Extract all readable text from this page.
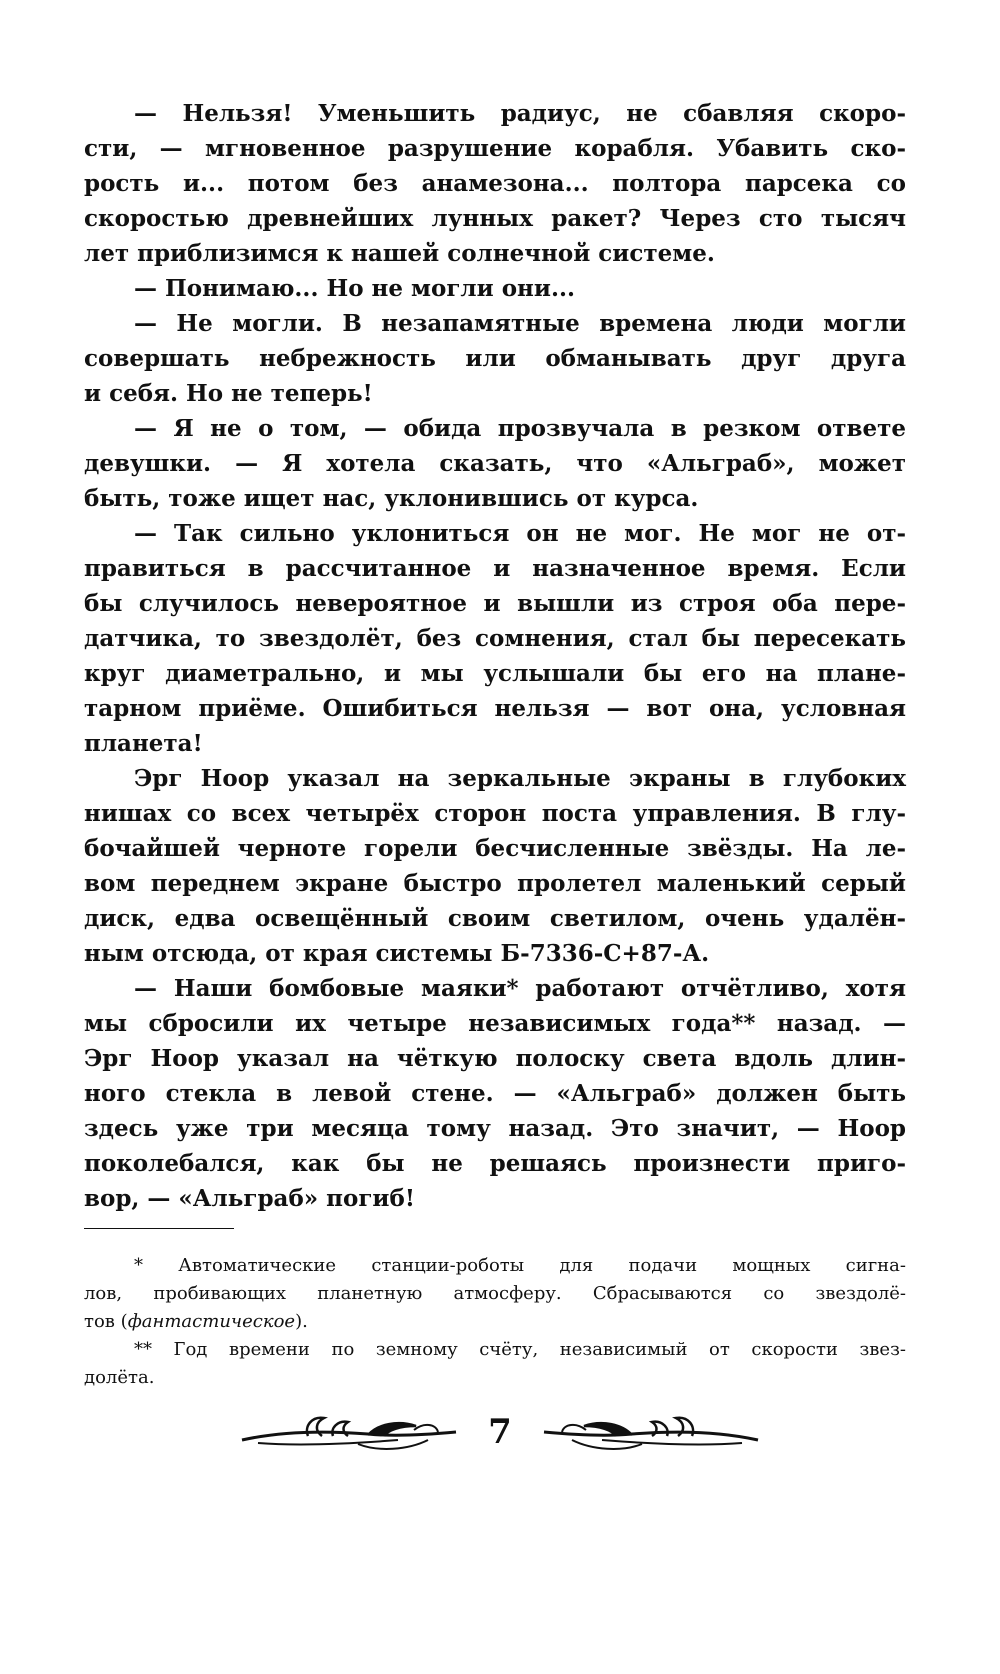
— Нельзя! Уменьшить радиус, не сбавляя скоро-
сти, — мгновенное разрушение корабля. Убавить ско-
рость и... потом без анамезона... полтора парсека со
скоростью древнейших лунных ракет? Через сто тысяч
лет приблизимся к нашей солнечной системе.
— Понимаю... Но не могли они...
— Не могли. В незапамятные времена люди могли
совершать небрежность или обманывать друг друга
и себя. Но не теперь!
— Я не о том, — обида прозвучала в резком ответе
девушки. — Я хотела сказать, что «Альграб», может
быть, тоже ищет нас, уклонившись от курса.
— Так сильно уклониться он не мог. Не мог не от-
правиться в рассчитанное и назначенное время. Если
бы случилось невероятное и вышли из строя оба пере-
датчика, то звездолёт, без сомнения, стал бы пересекать
круг диаметрально, и мы услышали бы его на плане-
тарном приёме. Ошибиться нельзя — вот она, условная
планета!
Эрг Ноор указал на зеркальные экраны в глубоких
нишах со всех четырёх сторон поста управления. В глу-
бочайшей черноте горели бесчисленные звёзды. На ле-
вом переднем экране быстро пролетел маленький серый
диск, едва освещённый своим светилом, очень удалён-
ным отсюда, от края системы Б-7336-С+87-А.
— Наши бомбовые маяки* работают отчётливо, хотя
мы сбросили их четыре независимых года** назад. —
Эрг Ноор указал на чёткую полоску света вдоль длин-
ного стекла в левой стене. — «Альграб» должен быть
здесь уже три месяца тому назад. Это значит, — Ноор
поколебался, как бы не решаясь произнести приго-
вор, — «Альграб» погиб!
* Автоматические станции-роботы для подачи мощных сигна-
лов, пробивающих планетную атмосферу. Сбрасываются со звездолё-
тов (фантастическое).
** Год времени по земному счёту, независимый от скорости звез-
долёта.
7
